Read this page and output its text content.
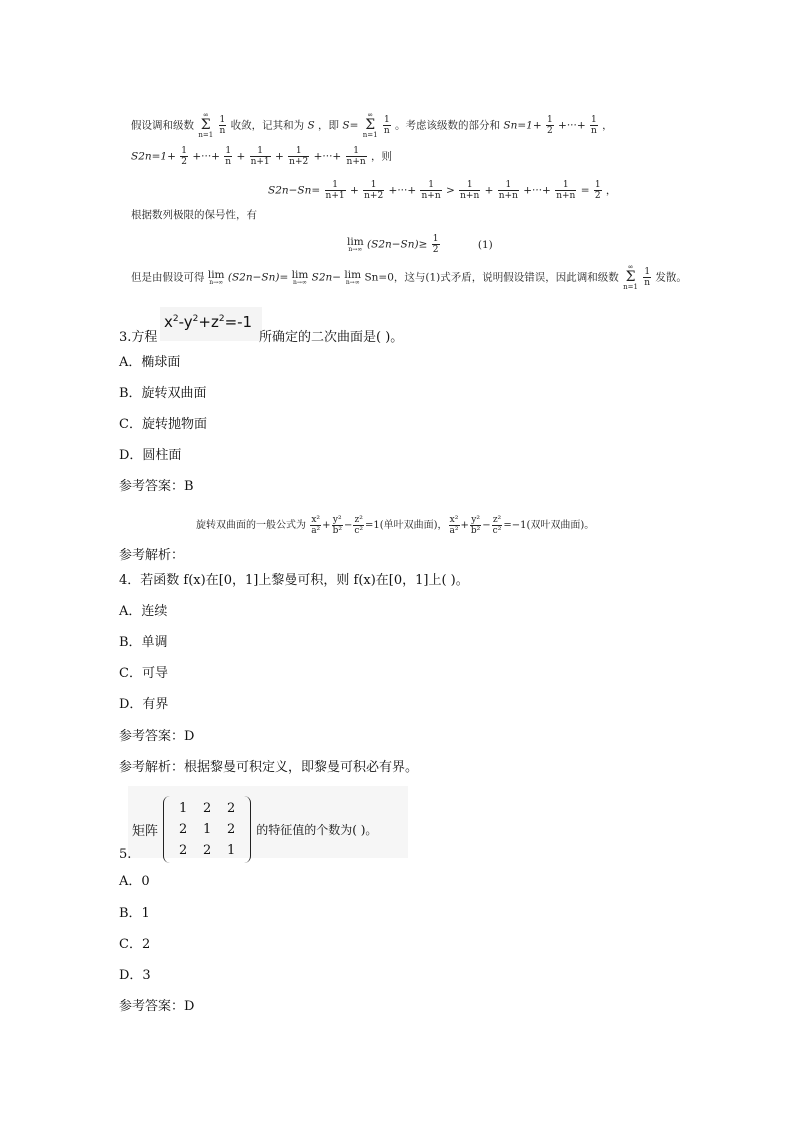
假设调和级数 ∞
Σ
$n=1 \frac{1}{n}$ 收敛，记其和为 S ，即 S= ∞
Σ
$n=1 \frac{1}{n}$ 。考虑该级数的部分和 $Sn=1+ \frac{1}{2}$ +···+ $\frac{1}{n}$ ，
$S2n=1+ \frac{1}{2}$ +···+ $\frac{1}{n} + \frac{1}{n+1} + \frac{1}{n+2}$ +···+ $\frac{1}{n+n}$ ，则
$S2n-Sn= \frac{1}{n+1} + \frac{1}{n+2}$ +···+ $\frac{1}{n+n} > \frac{1}{n+n} + \frac{1}{n+n}$ +···+ $\frac{1}{n+n} = \frac{1}{2}$ ，
根据数列极限的保号性，有
lim
n→∞ $(S2n-Sn)\ge \frac{1}{2}$	(1)
但是由假设可得 lim
n→∞ (S2n−Sn)= lim
n→∞ S2n− lim
n→∞ Sn=0，这与(1)式矛盾，说明假设错误，因此调和级数 ∞
Σ
$n=1 \frac{1}{n}$ 发散。
3.方程
$x^2-y^2+z^2=-1$
所确定的二次曲面是( )。
A．椭球面
B．旋转双曲面
C．旋转抛物面
D．圆柱面
参考答案：B
旋转双曲面的一般公式为 $\frac{\text{x²}}{\text{a²}} + \frac{\text{y²}}{\text{b²}} - \frac{\text{z²}}{\text{c²}} =1$(单叶双曲面)， $\frac{\text{x²}}{\text{a²}} + \frac{\text{y²}}{\text{b²}} - \frac{\text{z²}}{\text{c²}} =-1$(双叶双曲面)。
参考解析：
4．若函数 f(x)在[0，1]上黎曼可积，则 f(x)在[0，1]上( )。
A．连续
B．单调
C．可导
D．有界
参考答案：D
参考解析：根据黎曼可积定义，即黎曼可积必有界。
矩阵
1	2	2
2	1	2
2	2	1
的特征值的个数为( )。
5.
A．0
B．1
C．2
D．3
参考答案：D
